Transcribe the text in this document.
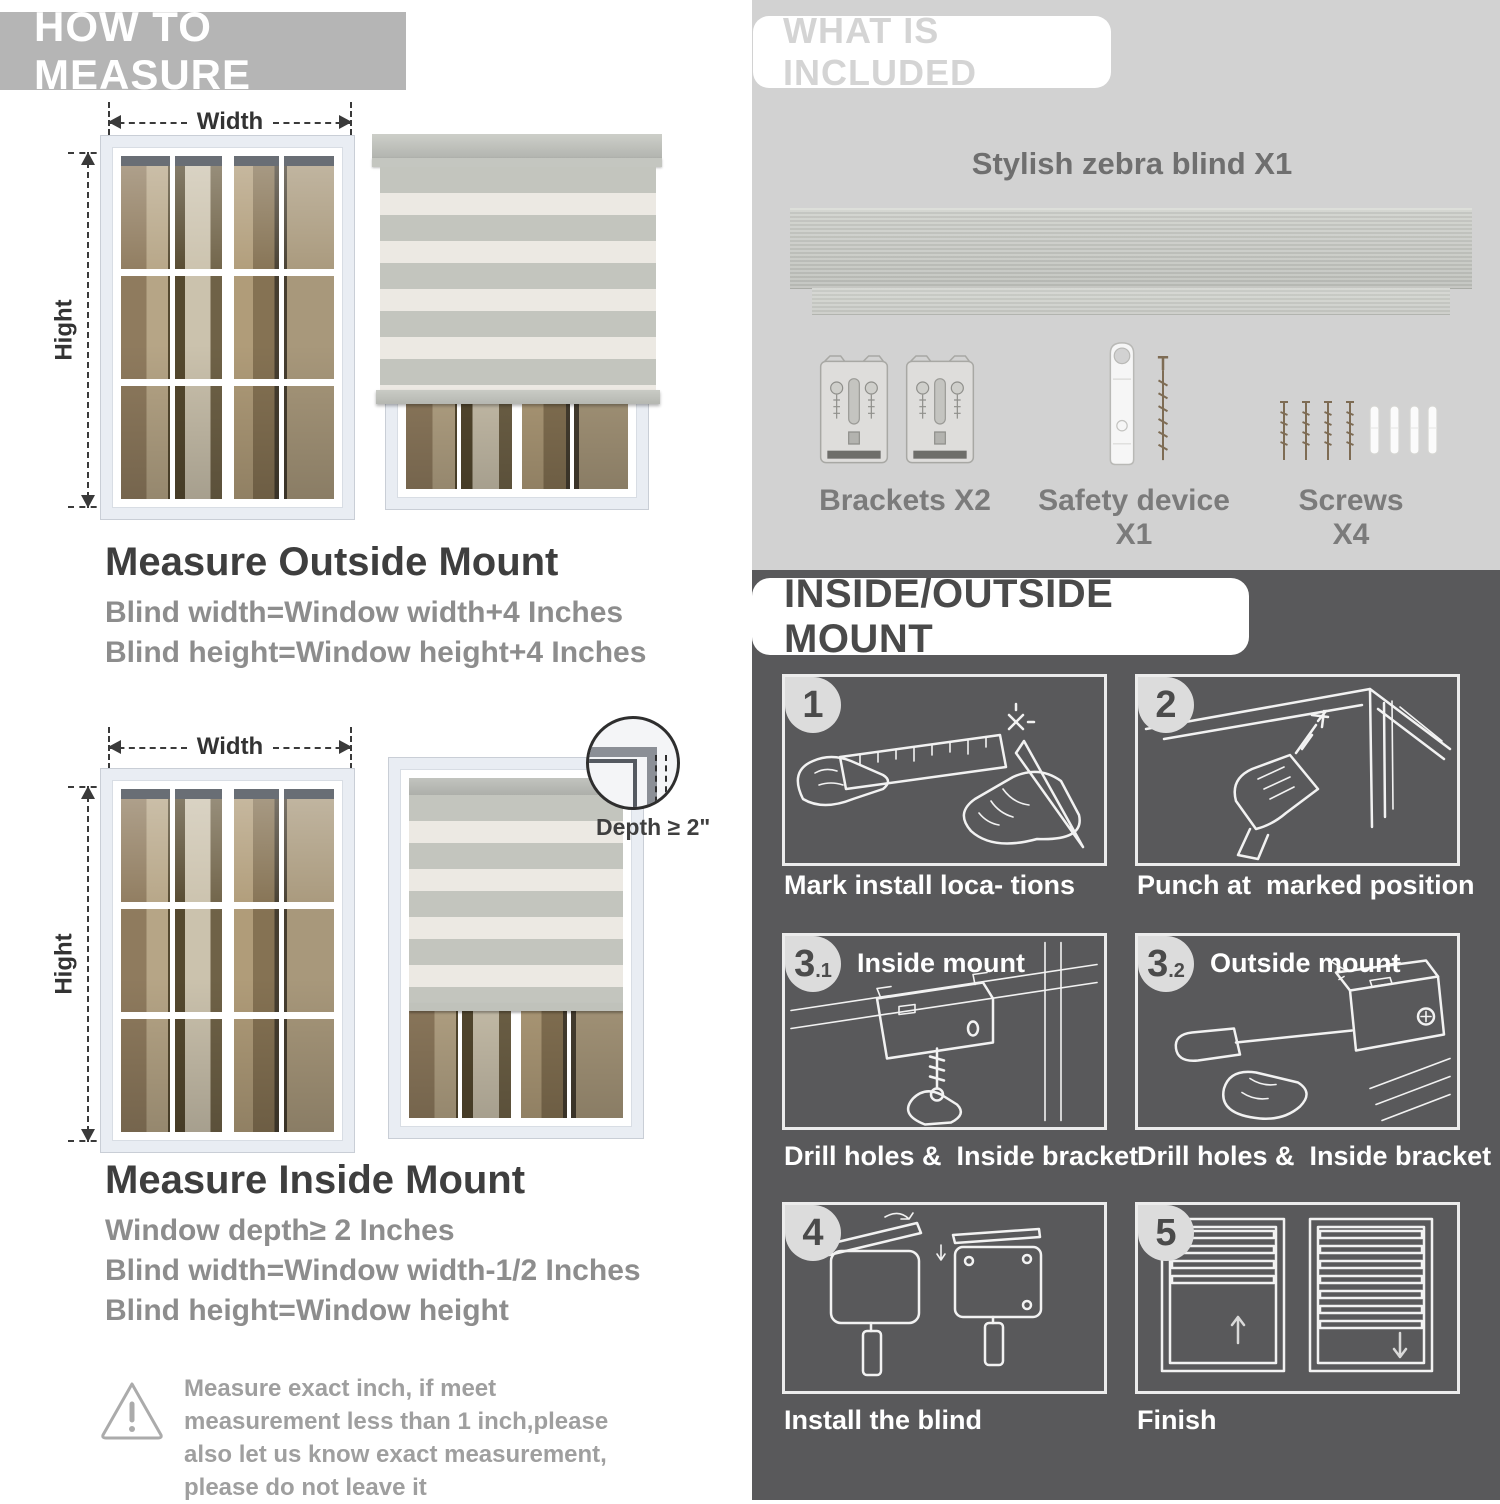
HOW TO MEASURE
Width
Hight
Measure Outside Mount
Blind width=Window width+4 Inches
Blind height=Window height+4 Inches
Width
Hight
Depth ≥ 2"
Measure Inside Mount
Window depth≥ 2 Inches
Blind width=Window width-1/2 Inches
Blind height=Window height
Measure exact inch, if meet measurement less than 1 inch,please also let us know exact measurement, please do not leave it
WHAT IS INCLUDED
Stylish zebra blind X1
Brackets X2	Safety device X1
Screws X4
INSIDE/OUTSIDE MOUNT
1
Mark install loca- tions
2
Punch at  marked position
3 .1 Inside mount
Drill holes &  Inside bracket
3 .2 Outside mount
Drill holes &  Inside bracket
4
Install the blind
5
Finish
